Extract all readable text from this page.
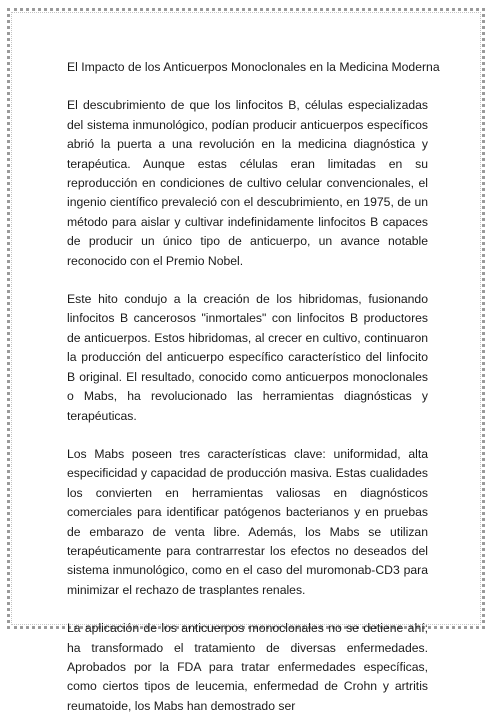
El Impacto de los Anticuerpos Monoclonales en la Medicina Moderna

El descubrimiento de que los linfocitos B, células especializadas del sistema inmunológico, podían producir anticuerpos específicos abrió la puerta a una revolución en la medicina diagnóstica y terapéutica. Aunque estas células eran limitadas en su reproducción en condiciones de cultivo celular convencionales, el ingenio científico prevaleció con el descubrimiento, en 1975, de un método para aislar y cultivar indefinidamente linfocitos B capaces de producir un único tipo de anticuerpo, un avance notable reconocido con el Premio Nobel.

Este hito condujo a la creación de los hibridomas, fusionando linfocitos B cancerosos "inmortales" con linfocitos B productores de anticuerpos. Estos hibridomas, al crecer en cultivo, continuaron la producción del anticuerpo específico característico del linfocito B original. El resultado, conocido como anticuerpos monoclonales o Mabs, ha revolucionado las herramientas diagnósticas y terapéuticas.

Los Mabs poseen tres características clave: uniformidad, alta especificidad y capacidad de producción masiva. Estas cualidades los convierten en herramientas valiosas en diagnósticos comerciales para identificar patógenos bacterianos y en pruebas de embarazo de venta libre. Además, los Mabs se utilizan terapéuticamente para contrarrestar los efectos no deseados del sistema inmunológico, como en el caso del muromonab-CD3 para minimizar el rechazo de trasplantes renales.

La aplicación de los anticuerpos monoclonales no se detiene ahí; ha transformado el tratamiento de diversas enfermedades. Aprobados por la FDA para tratar enfermedades específicas, como ciertos tipos de leucemia, enfermedad de Crohn y artritis reumatoide, los Mabs han demostrado ser
